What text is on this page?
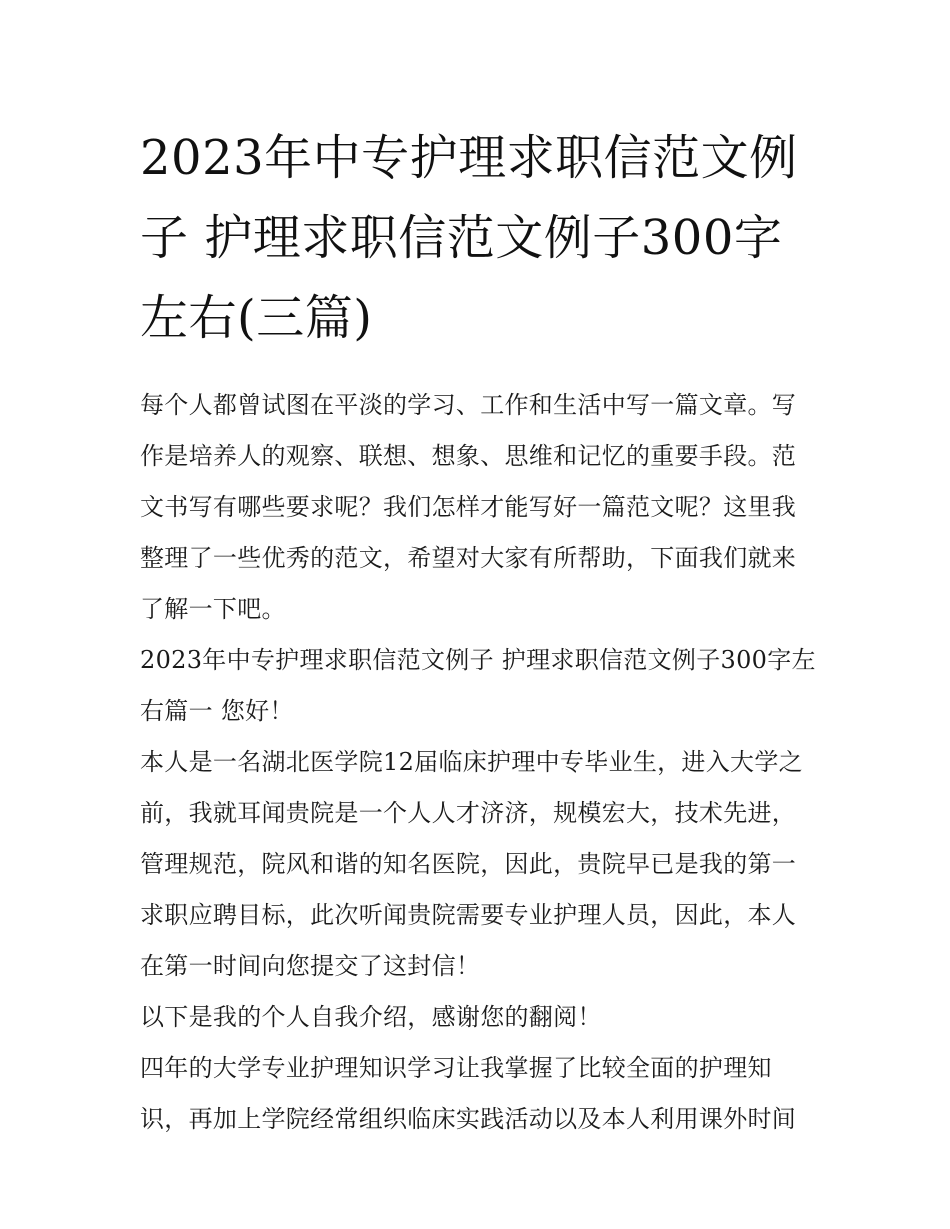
2023年中专护理求职信范文例子 护理求职信范文例子300字左右(三篇)

每个人都曾试图在平淡的学习、工作和生活中写一篇文章。写作是培养人的观察、联想、想象、思维和记忆的重要手段。范文书写有哪些要求呢？我们怎样才能写好一篇范文呢？这里我整理了一些优秀的范文，希望对大家有所帮助，下面我们就来了解一下吧。

2023年中专护理求职信范文例子 护理求职信范文例子300字左右篇一 您好！

本人是一名湖北医学院12届临床护理中专毕业生，进入大学之前，我就耳闻贵院是一个人人才济济，规模宏大，技术先进，管理规范，院风和谐的知名医院，因此，贵院早已是我的第一求职应聘目标，此次听闻贵院需要专业护理人员，因此，本人在第一时间向您提交了这封信！

以下是我的个人自我介绍，感谢您的翻阅！

四年的大学专业护理知识学习让我掌握了比较全面的护理知识，再加上学院经常组织临床实践活动以及本人利用课外时间
